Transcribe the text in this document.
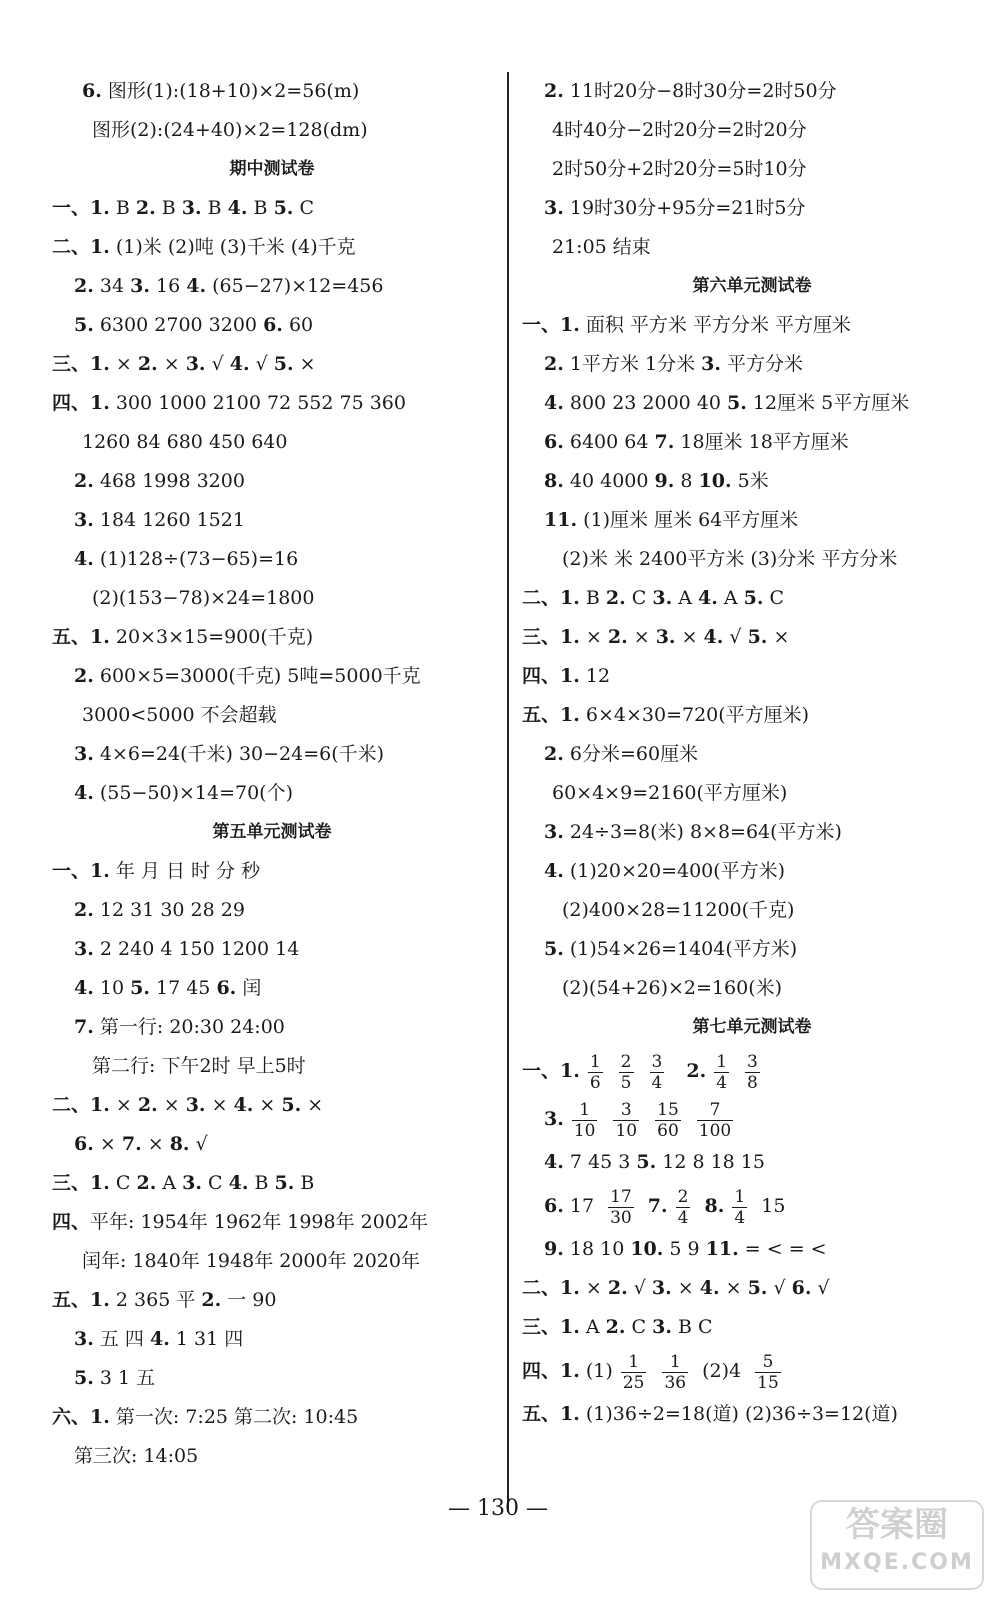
6. 图形(1):(18+10)×2=56(m)
图形(2):(24+40)×2=128(dm)
期中测试卷
一、1. B 2. B 3. B 4. B 5. C
二、1. (1)米 (2)吨 (3)千米 (4)千克
2. 34 3. 16 4. (65−27)×12=456
5. 6300 2700 3200 6. 60
三、1. × 2. × 3. √ 4. √ 5. ×
四、1. 300 1000 2100 72 552 75 360
1260 84 680 450 640
2. 468 1998 3200
3. 184 1260 1521
4. (1)128÷(73−65)=16
(2)(153−78)×24=1800
五、1. 20×3×15=900(千克)
2. 600×5=3000(千克) 5吨=5000千克
3000<5000 不会超载
3. 4×6=24(千米) 30−24=6(千米)
4. (55−50)×14=70(个)
第五单元测试卷
一、1. 年 月 日 时 分 秒
2. 12 31 30 28 29
3. 2 240 4 150 1200 14
4. 10 5. 17 45 6. 闰
7. 第一行: 20:30 24:00
第二行: 下午2时 早上5时
二、1. × 2. × 3. × 4. × 5. ×
6. × 7. × 8. √
三、1. C 2. A 3. C 4. B 5. B
四、平年: 1954年 1962年 1998年 2002年
闰年: 1840年 1948年 2000年 2020年
五、1. 2 365 平 2. 一 90
3. 五 四 4. 1 31 四
5. 3 1 五
六、1. 第一次: 7:25 第二次: 10:45
第三次: 14:05
2. 11时20分−8时30分=2时50分
4时40分−2时20分=2时20分
2时50分+2时20分=5时10分
3. 19时30分+95分=21时5分
21:05 结束
第六单元测试卷
一、1. 面积 平方米 平方分米 平方厘米
2. 1平方米 1分米 3. 平方分米
4. 800 23 2000 40 5. 12厘米 5平方厘米
6. 6400 64 7. 18厘米 18平方厘米
8. 40 4000 9. 8 10. 5米
11. (1)厘米 厘米 64平方厘米
(2)米 米 2400平方米 (3)分米 平方分米
二、1. B 2. C 3. A 4. A 5. C
三、1. × 2. × 3. × 4. √ 5. ×
四、1. 12
五、1. 6×4×30=720(平方厘米)
2. 6分米=60厘米
60×4×9=2160(平方厘米)
3. 24÷3=8(米) 8×8=64(平方米)
4. (1)20×20=400(平方米)
(2)400×28=11200(千克)
5. (1)54×26=1404(平方米)
(2)(54+26)×2=160(米)
第七单元测试卷
一、1. $\frac{1}{6} \frac{2}{5} \frac{3}{4} 2$. $\frac{1}{4} \frac{3}{8}$
3. $\frac{1}{10} \frac{3}{10} \frac{15}{60} \frac{7}{100}$
4. 7 45 3 5. 12 8 18 15
6. $17 \frac{17}{30} 7$. $\frac{2}{4} 8$. $\frac{1}{4} 15$
9. 18 10 10. 5 9 11. = < = <
二、1. × 2. √ 3. × 4. × 5. √ 6. √
三、1. A 2. C 3. B C
四、1. $(1) \frac{1}{25} \frac{1}{36} (2)4 \frac{5}{15}$
五、1. (1)36÷2=18(道) (2)36÷3=12(道)
— 130 —	答案圈
MXQE.COM
